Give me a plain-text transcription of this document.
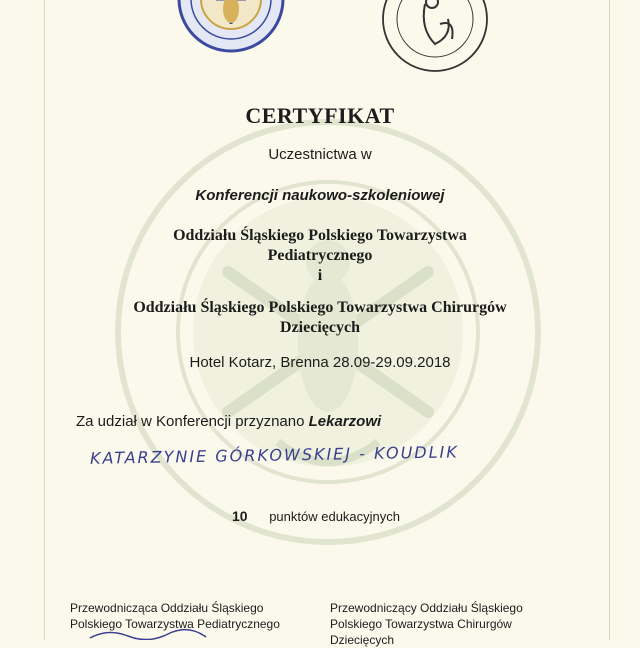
CERTYFIKAT
Uczestnictwa w
Konferencji naukowo-szkoleniowej
Oddziału Śląskiego Polskiego Towarzystwa
Pediatrycznego
i
Oddziału Śląskiego Polskiego Towarzystwa Chirurgów
Dziecięcych
Hotel Kotarz, Brenna 28.09-29.09.2018
Za udział w Konferencji przyznano Lekarzowi
KATARZYNIE GÓRKOWSKIEJ - KOUDLIK
10 punktów edukacyjnych
Przewodnicząca Oddziału Śląskiego
Polskiego Towarzystwa Pediatrycznego
Przewodniczący Oddziału Śląskiego
Polskiego Towarzystwa Chirurgów
Dziecięcych
